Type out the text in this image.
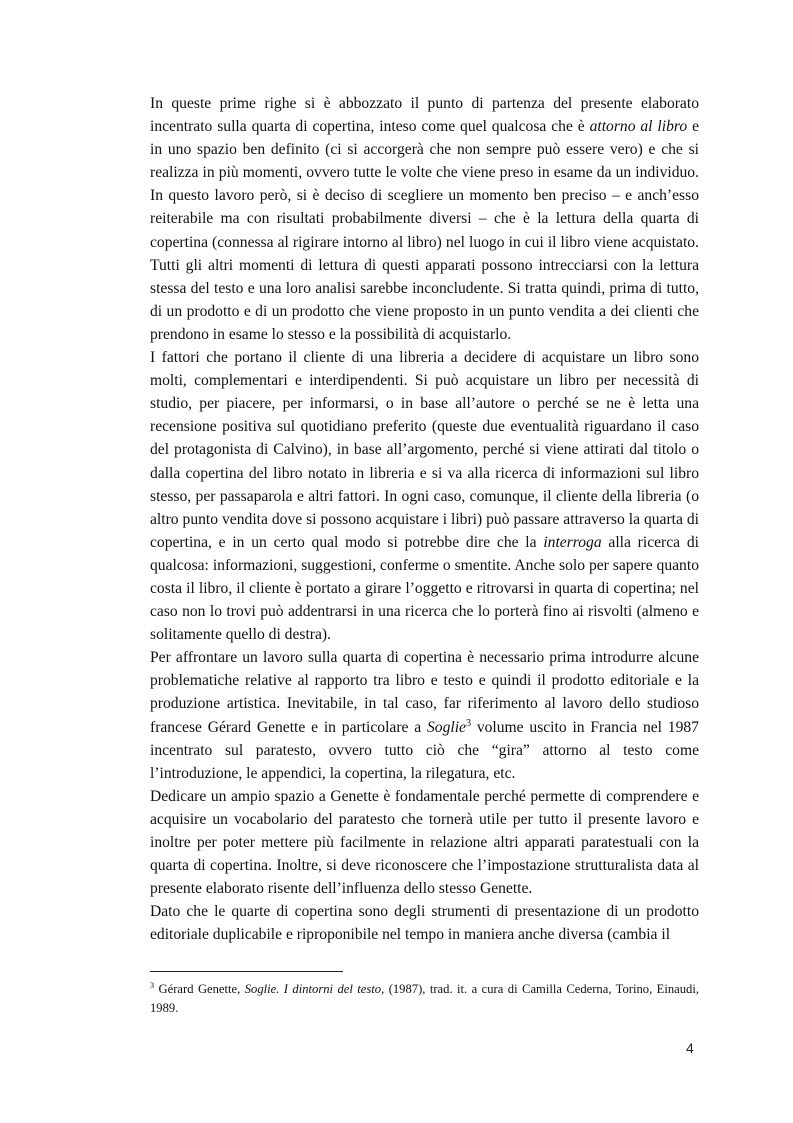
In queste prime righe si è abbozzato il punto di partenza del presente elaborato incentrato sulla quarta di copertina, inteso come quel qualcosa che è attorno al libro e in uno spazio ben definito (ci si accorgerà che non sempre può essere vero) e che si realizza in più momenti, ovvero tutte le volte che viene preso in esame da un individuo. In questo lavoro però, si è deciso di scegliere un momento ben preciso – e anch’esso reiterabile ma con risultati probabilmente diversi – che è la lettura della quarta di copertina (connessa al rigirare intorno al libro) nel luogo in cui il libro viene acquistato. Tutti gli altri momenti di lettura di questi apparati possono intrecciarsi con la lettura stessa del testo e una loro analisi sarebbe inconcludente. Si tratta quindi, prima di tutto, di un prodotto e di un prodotto che viene proposto in un punto vendita a dei clienti che prendono in esame lo stesso e la possibilità di acquistarlo.

I fattori che portano il cliente di una libreria a decidere di acquistare un libro sono molti, complementari e interdipendenti. Si può acquistare un libro per necessità di studio, per piacere, per informarsi, o in base all’autore o perché se ne è letta una recensione positiva sul quotidiano preferito (queste due eventualità riguardano il caso del protagonista di Calvino), in base all’argomento, perché si viene attirati dal titolo o dalla copertina del libro notato in libreria e si va alla ricerca di informazioni sul libro stesso, per passaparola e altri fattori. In ogni caso, comunque, il cliente della libreria (o altro punto vendita dove si possono acquistare i libri) può passare attraverso la quarta di copertina, e in un certo qual modo si potrebbe dire che la interroga alla ricerca di qualcosa: informazioni, suggestioni, conferme o smentite. Anche solo per sapere quanto costa il libro, il cliente è portato a girare l’oggetto e ritrovarsi in quarta di copertina; nel caso non lo trovi può addentrarsi in una ricerca che lo porterà fino ai risvolti (almeno e solitamente quello di destra).

Per affrontare un lavoro sulla quarta di copertina è necessario prima introdurre alcune problematiche relative al rapporto tra libro e testo e quindi il prodotto editoriale e la produzione artistica. Inevitabile, in tal caso, far riferimento al lavoro dello studioso francese Gérard Genette e in particolare a Soglie$^3$ volume uscito in Francia nel 1987 incentrato sul paratesto, ovvero tutto ciò che “gira” attorno al testo come l’introduzione, le appendici, la copertina, la rilegatura, etc.

Dedicare un ampio spazio a Genette è fondamentale perché permette di comprendere e acquisire un vocabolario del paratesto che tornerà utile per tutto il presente lavoro e inoltre per poter mettere più facilmente in relazione altri apparati paratestuali con la quarta di copertina. Inoltre, si deve riconoscere che l’impostazione strutturalista data al presente elaborato risente dell’influenza dello stesso Genette.

Dato che le quarte di copertina sono degli strumenti di presentazione di un prodotto editoriale duplicabile e riproponibile nel tempo in maniera anche diversa (cambia il

$^3$ Gérard Genette, Soglie. I dintorni del testo, (1987), trad. it. a cura di Camilla Cederna, Torino, Einaudi, 1989.
4
